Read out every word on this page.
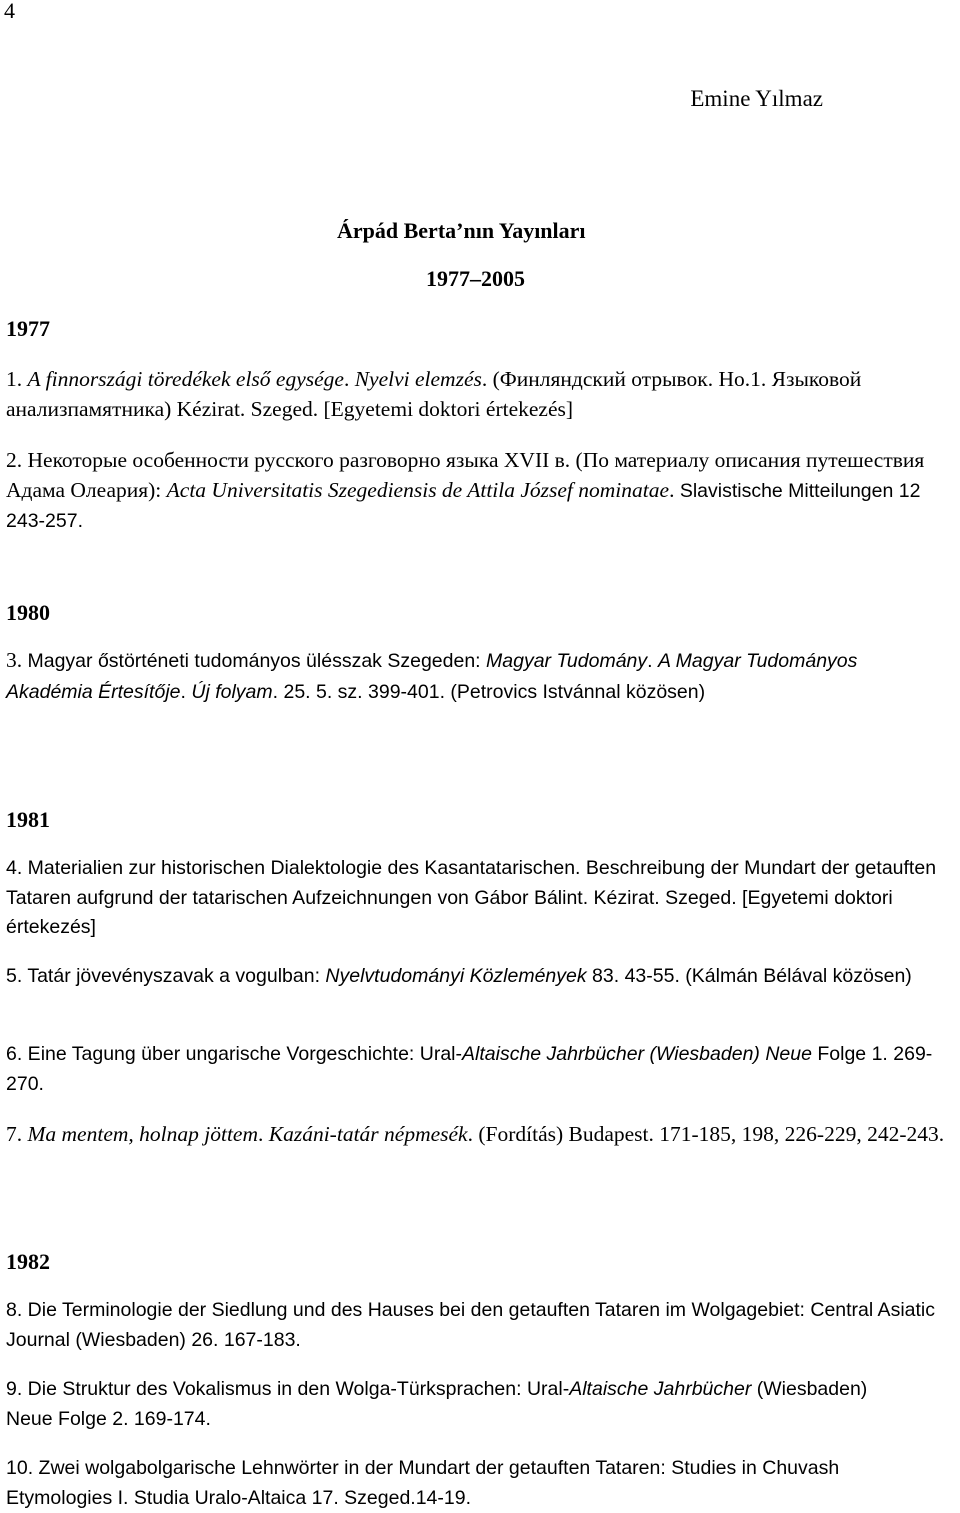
4
Emine Yılmaz
Árpád Berta’nın Yayınları
1977–2005
1977
1. A finnországi töredékek első egysége. Nyelvi elemzés. (Финляндский отрывок. Но.1. Языковой анализпамятника) Kézirat. Szeged. [Egyetemi doktori értekezés]
2. Некоторые особенности русского разговорно языка XVII в. (По материалу описания путешествия Адама Олеария): Acta Universitatis Szegediensis de Attila József nominatae. Slavistische Mitteilungen 12 243-257.
1980
3. Magyar őstörténeti tudományos ülésszak Szegeden: Magyar Tudomány. A Magyar Tudományos Akadémia Értesítője. Új folyam. 25. 5. sz. 399-401. (Petrovics Istvánnal közösen)
1981
4. Materialien zur historischen Dialektologie des Kasantatarischen. Beschreibung der Mundart der getauften Tataren aufgrund der tatarischen Aufzeichnungen von Gábor Bálint. Kézirat. Szeged. [Egyetemi doktori értekezés]
5. Tatár jövevényszavak a vogulban: Nyelvtudományi Közlemények 83. 43-55. (Kálmán Bélával közösen)
6. Eine Tagung über ungarische Vorgeschichte: Ural-Altaische Jahrbücher (Wiesbaden) Neue Folge 1. 269-270.
7. Ma mentem, holnap jöttem. Kazáni-tatár népmesék. (Fordítás) Budapest. 171-185, 198, 226-229, 242-243.
1982
8. Die Terminologie der Siedlung und des Hauses bei den getauften Tataren im Wolgagebiet: Central Asiatic Journal (Wiesbaden) 26. 167-183.
9. Die Struktur des Vokalismus in den Wolga-Türksprachen: Ural-Altaische Jahrbücher (Wiesbaden) Neue Folge 2. 169-174.
10. Zwei wolgabolgarische Lehnwörter in der Mundart der getauften Tataren: Studies in Chuvash Etymologies I. Studia Uralo-Altaica 17. Szeged.14-19.
